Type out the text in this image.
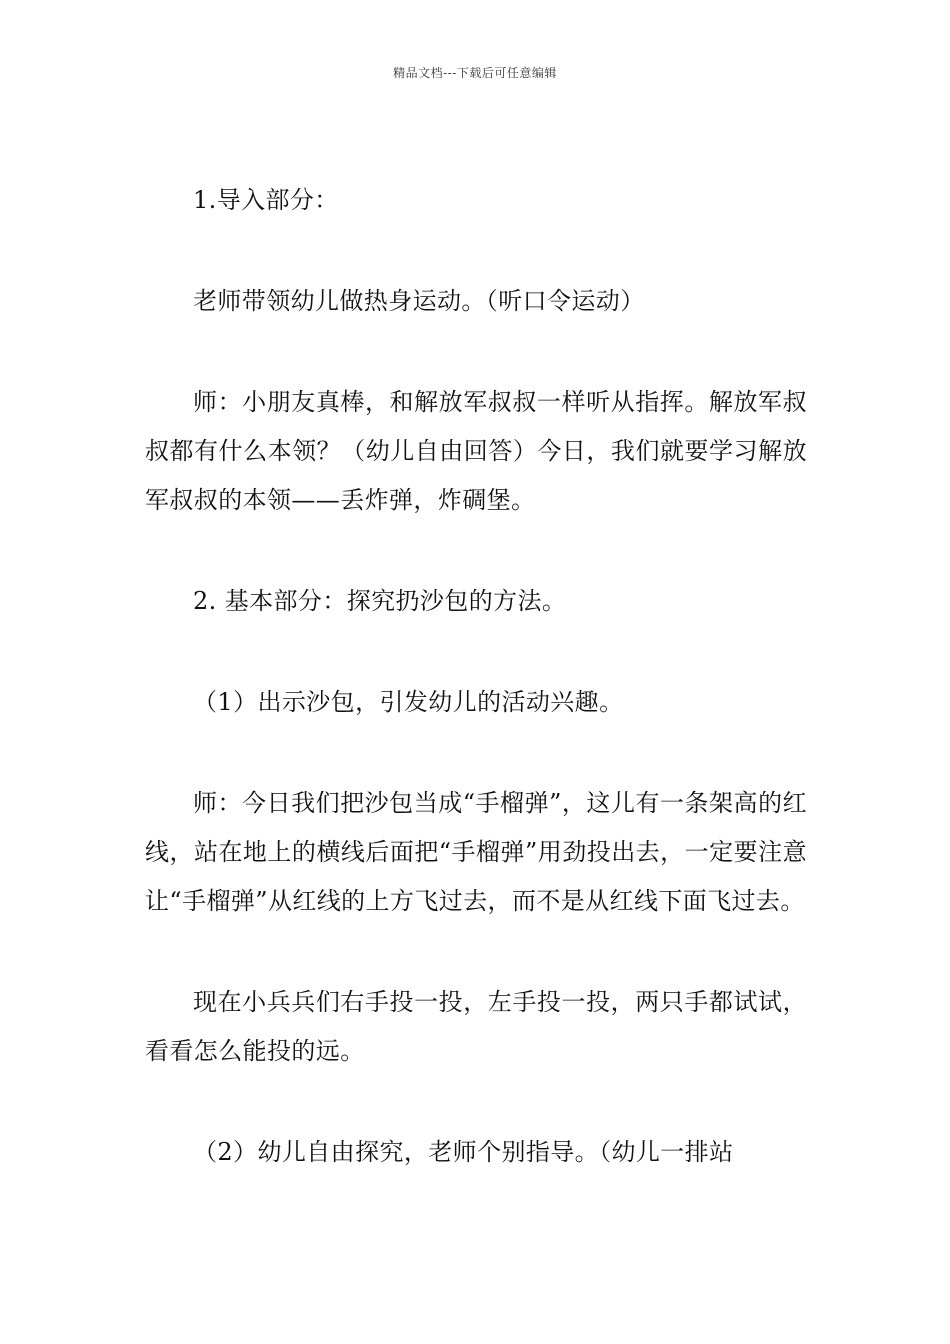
精品文档---下载后可任意编辑

1.导入部分：

老师带领幼儿做热身运动。（听口令运动）

师：小朋友真棒，和解放军叔叔一样听从指挥。解放军叔叔都有什么本领？（幼儿自由回答）今日，我们就要学习解放军叔叔的本领——丢炸弹，炸碉堡。

2. 基本部分：探究扔沙包的方法。

（1）出示沙包，引发幼儿的活动兴趣。

师：今日我们把沙包当成“手榴弹”，这儿有一条架高的红线，站在地上的横线后面把“手榴弹”用劲投出去，一定要注意让“手榴弹”从红线的上方飞过去，而不是从红线下面飞过去。

现在小兵兵们右手投一投，左手投一投，两只手都试试，看看怎么能投的远。

（2）幼儿自由探究，老师个别指导。（幼儿一排站
